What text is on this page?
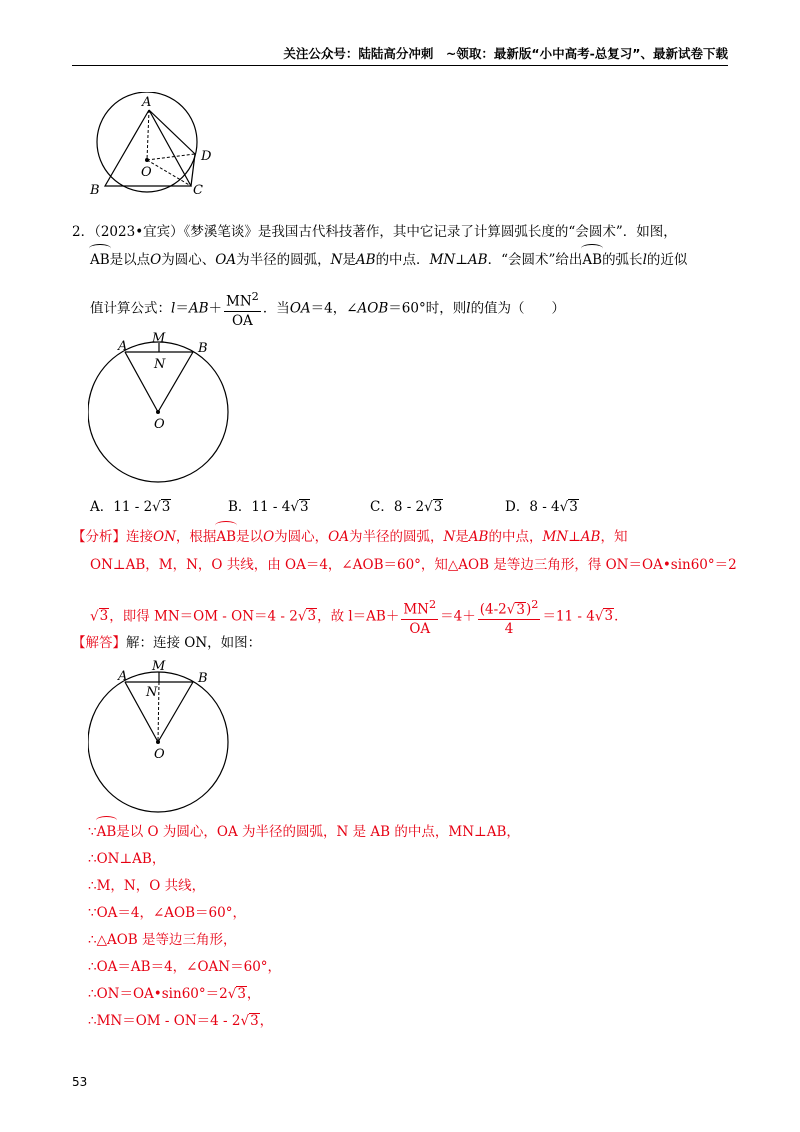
关注公众号：陆陆高分冲刺　~领取：最新版“小中高考-总复习”、最新试卷下载
A
B	C
D
O
2．（2023•宜宾）《梦溪笔谈》是我国古代科技著作，其中它记录了计算圆弧长度的“会圆术”．如图，
AB是以点O为圆心、OA为半径的圆弧，N是AB的中点．MN⊥AB．“会圆术”给出AB的弧长l的近似
值计算公式：$l=AB+ \frac{MN^2}{OA}$ ．当OA＝4，∠AOB＝60°时，则l的值为（　　）
A
M
B
N
O
A．11 - 2√3	B．11 - 4√3	C．8 - 2√3	D．8 - 4√3
【分析】连接ON，根据AB是以O为圆心，OA为半径的圆弧，N是AB的中点，MN⊥AB，知
ON⊥AB，M，N，O 共线，由 OA＝4，∠AOB＝60°，知△AOB 是等边三角形，得 ON＝OA•sin60°＝2
√3，即得 MN＝OM - ON＝4 - 2√3，故 $l=AB+ \frac{MN^2}{OA} =4+ \frac{(4-2√3)^2}{4} =11 - 4√3$．
【解答】解：连接 ON，如图：
A
M
B
N
O
∵AB是以 O 为圆心，OA 为半径的圆弧，N 是 AB 的中点，MN⊥AB，
∴ON⊥AB，
∴M，N，O 共线，
∵OA＝4，∠AOB＝60°，
∴△AOB 是等边三角形，
∴OA＝AB＝4，∠OAN＝60°，
∴ON＝OA•sin60°＝2√3，
∴MN＝OM - ON＝4 - 2√3，
53
